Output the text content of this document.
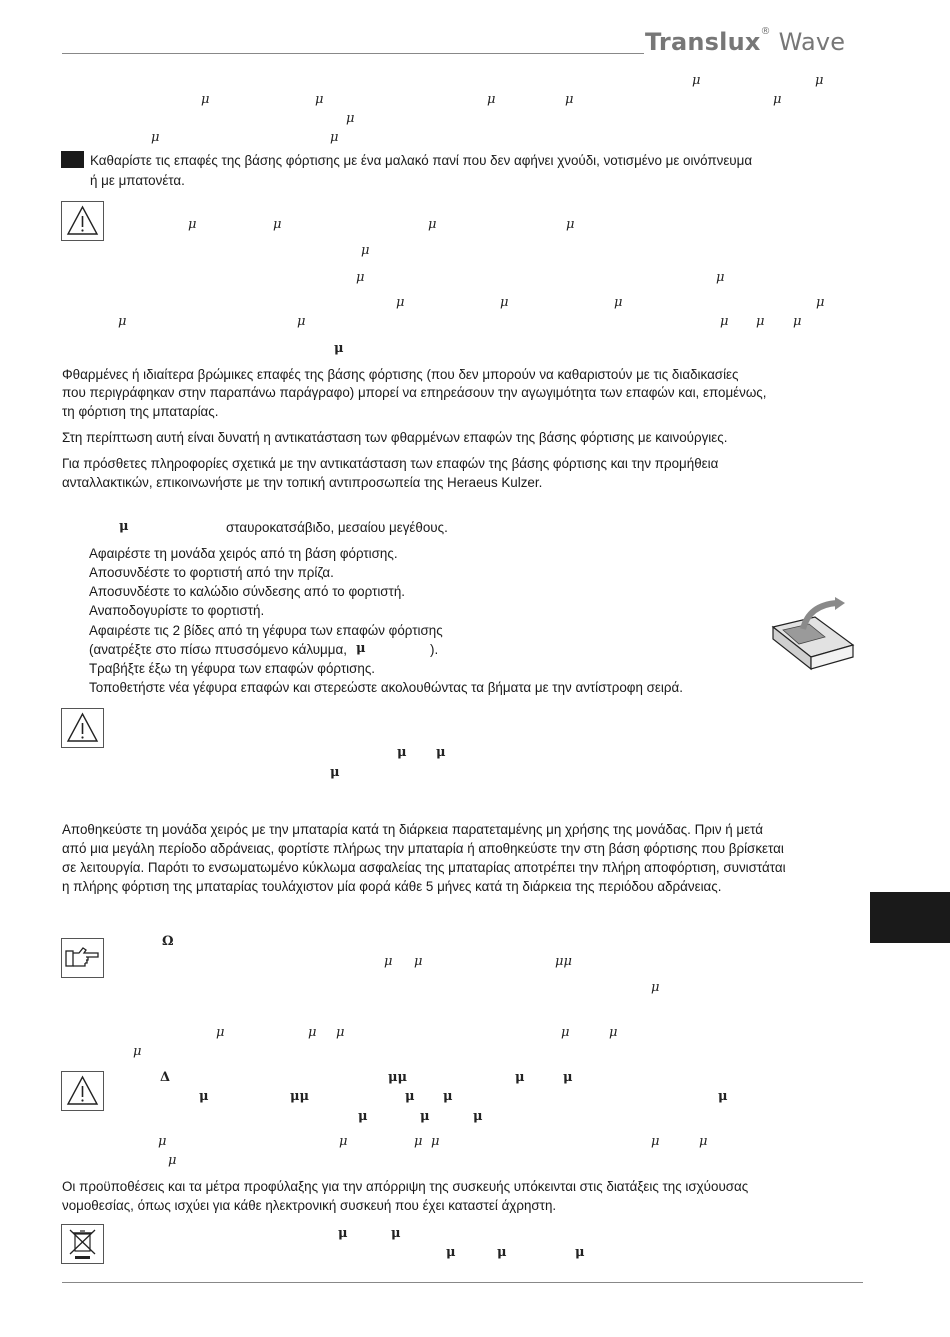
Translux® Wave
μ	μ
μ	μ	μ	μ	μ
μ
μ	μ
Καθαρίστε τις επαφές της βάσης φόρτισης με ένα μαλακό πανί που δεν αφήνει χνούδι, νοτισμένο με οινόπνευμα
ή με μπατονέτα.
μ	μ	μ	μ
μ
μ	μ
μ	μ	μ	μ
μ	μ	μ μ μ
μ
Φθαρμένες ή ιδιαίτερα βρώμικες επαφές της βάσης φόρτισης (που δεν μπορούν να καθαριστούν με τις διαδικασίες
που περιγράφηκαν στην παραπάνω παράγραφο) μπορεί να επηρεάσουν την αγωγιμότητα των επαφών και, επομένως,
τη φόρτιση της μπαταρίας.
Στη περίπτωση αυτή είναι δυνατή η αντικατάσταση των φθαρμένων επαφών της βάσης φόρτισης με καινούργιες.
Για πρόσθετες πληροφορίες σχετικά με την αντικατάσταση των επαφών της βάσης φόρτισης και την προμήθεια
ανταλλακτικών, επικοινωνήστε με την τοπική αντιπροσωπεία της Heraeus Kulzer.
μ	σταυροκατσάβιδο, μεσαίου μεγέθους.
Αφαιρέστε τη μονάδα χειρός από τη βάση φόρτισης.
Αποσυνδέστε το φορτιστή από την πρίζα.
Αποσυνδέστε το καλώδιο σύνδεσης από το φορτιστή.
Αναποδογυρίστε το φορτιστή.
Αφαιρέστε τις 2 βίδες από τη γέφυρα των επαφών φόρτισης
(ανατρέξτε στο πίσω πτυσσόμενο κάλυμμα, μ	).
Τραβήξτε έξω τη γέφυρα των επαφών φόρτισης.
Τοποθετήστε νέα γέφυρα επαφών και στερεώστε ακολουθώντας τα βήματα με την αντίστροφη σειρά.
μ μ
μ
Αποθηκεύστε τη μονάδα χειρός με την μπαταρία κατά τη διάρκεια παρατεταμένης μη χρήσης της μονάδας. Πριν ή μετά
από μια μεγάλη περίοδο αδράνειας, φορτίστε πλήρως την μπαταρία ή αποθηκεύστε την στη βάση φόρτισης που βρίσκεται
σε λειτουργία. Παρότι το ενσωματωμένο κύκλωμα ασφαλείας της μπαταρίας αποτρέπει την πλήρη αποφόρτιση, συνιστάται
η πλήρης φόρτιση της μπαταρίας τουλάχιστον μία φορά κάθε 5 μήνες κατά τη διάρκεια της περιόδου αδράνειας.
Ω
μ μ	μμ
μ
μ	μ μ	μ	μ
μ
Δ	μμ	μ	μ
μ	μμ	μ μ	μ
μ	μ	μ
μ	μ	μ μ	μ	μ
μ
Οι προϋποθέσεις και τα μέτρα προφύλαξης για την απόρριψη της συσκευής υπόκεινται στις διατάξεις της ισχύουσας
νομοθεσίας, όπως ισχύει για κάθε ηλεκτρονική συσκευή που έχει καταστεί άχρηστη.
μ	μ
μ	μ	μ
